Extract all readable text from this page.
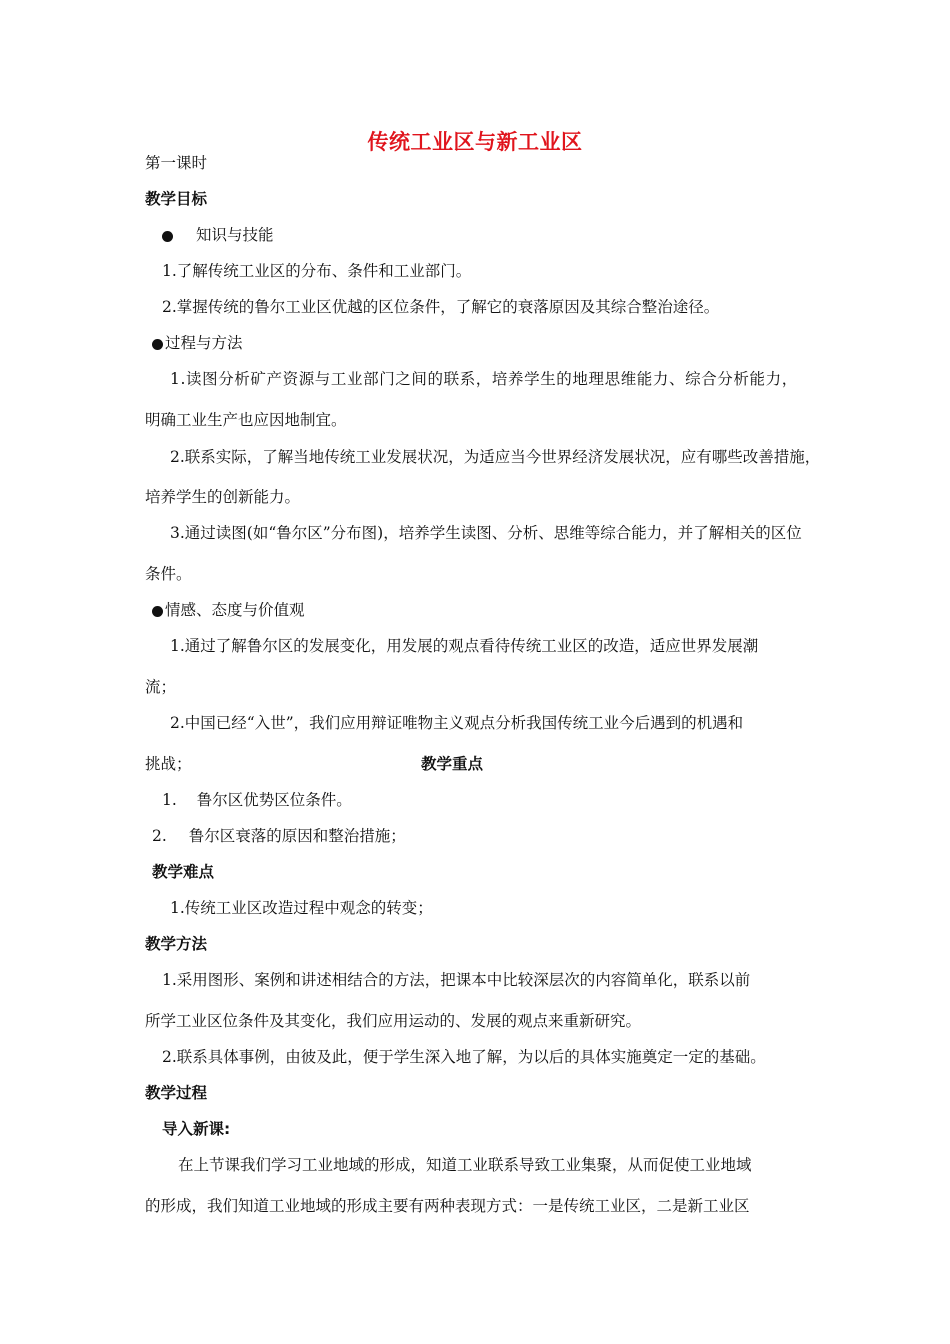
传统工业区与新工业区
第一课时
教学目标
知识与技能
1.了解传统工业区的分布、条件和工业部门。
2.掌握传统的鲁尔工业区优越的区位条件，了解它的衰落原因及其综合整治途径。
过程与方法
1.读图分析矿产资源与工业部门之间的联系，培养学生的地理思维能力、综合分析能力，
明确工业生产也应因地制宜。
2.联系实际，了解当地传统工业发展状况，为适应当今世界经济发展状况，应有哪些改善措施，
培养学生的创新能力。
3.通过读图(如“鲁尔区”分布图)，培养学生读图、分析、思维等综合能力，并了解相关的区位
条件。
情感、态度与价值观
1.通过了解鲁尔区的发展变化，用发展的观点看待传统工业区的改造，适应世界发展潮
流；
2.中国已经“入世”，我们应用辩证唯物主义观点分析我国传统工业今后遇到的机遇和
挑战；	教学重点
1. 鲁尔区优势区位条件。
2. 鲁尔区衰落的原因和整治措施；
教学难点
1.传统工业区改造过程中观念的转变；
教学方法
1.采用图形、案例和讲述相结合的方法，把课本中比较深层次的内容简单化，联系以前
所学工业区位条件及其变化，我们应用运动的、发展的观点来重新研究。
2.联系具体事例，由彼及此，便于学生深入地了解，为以后的具体实施奠定一定的基础。
教学过程
导入新课:
在上节课我们学习工业地域的形成，知道工业联系导致工业集聚，从而促使工业地域
的形成，我们知道工业地域的形成主要有两种表现方式：一是传统工业区，二是新工业区
